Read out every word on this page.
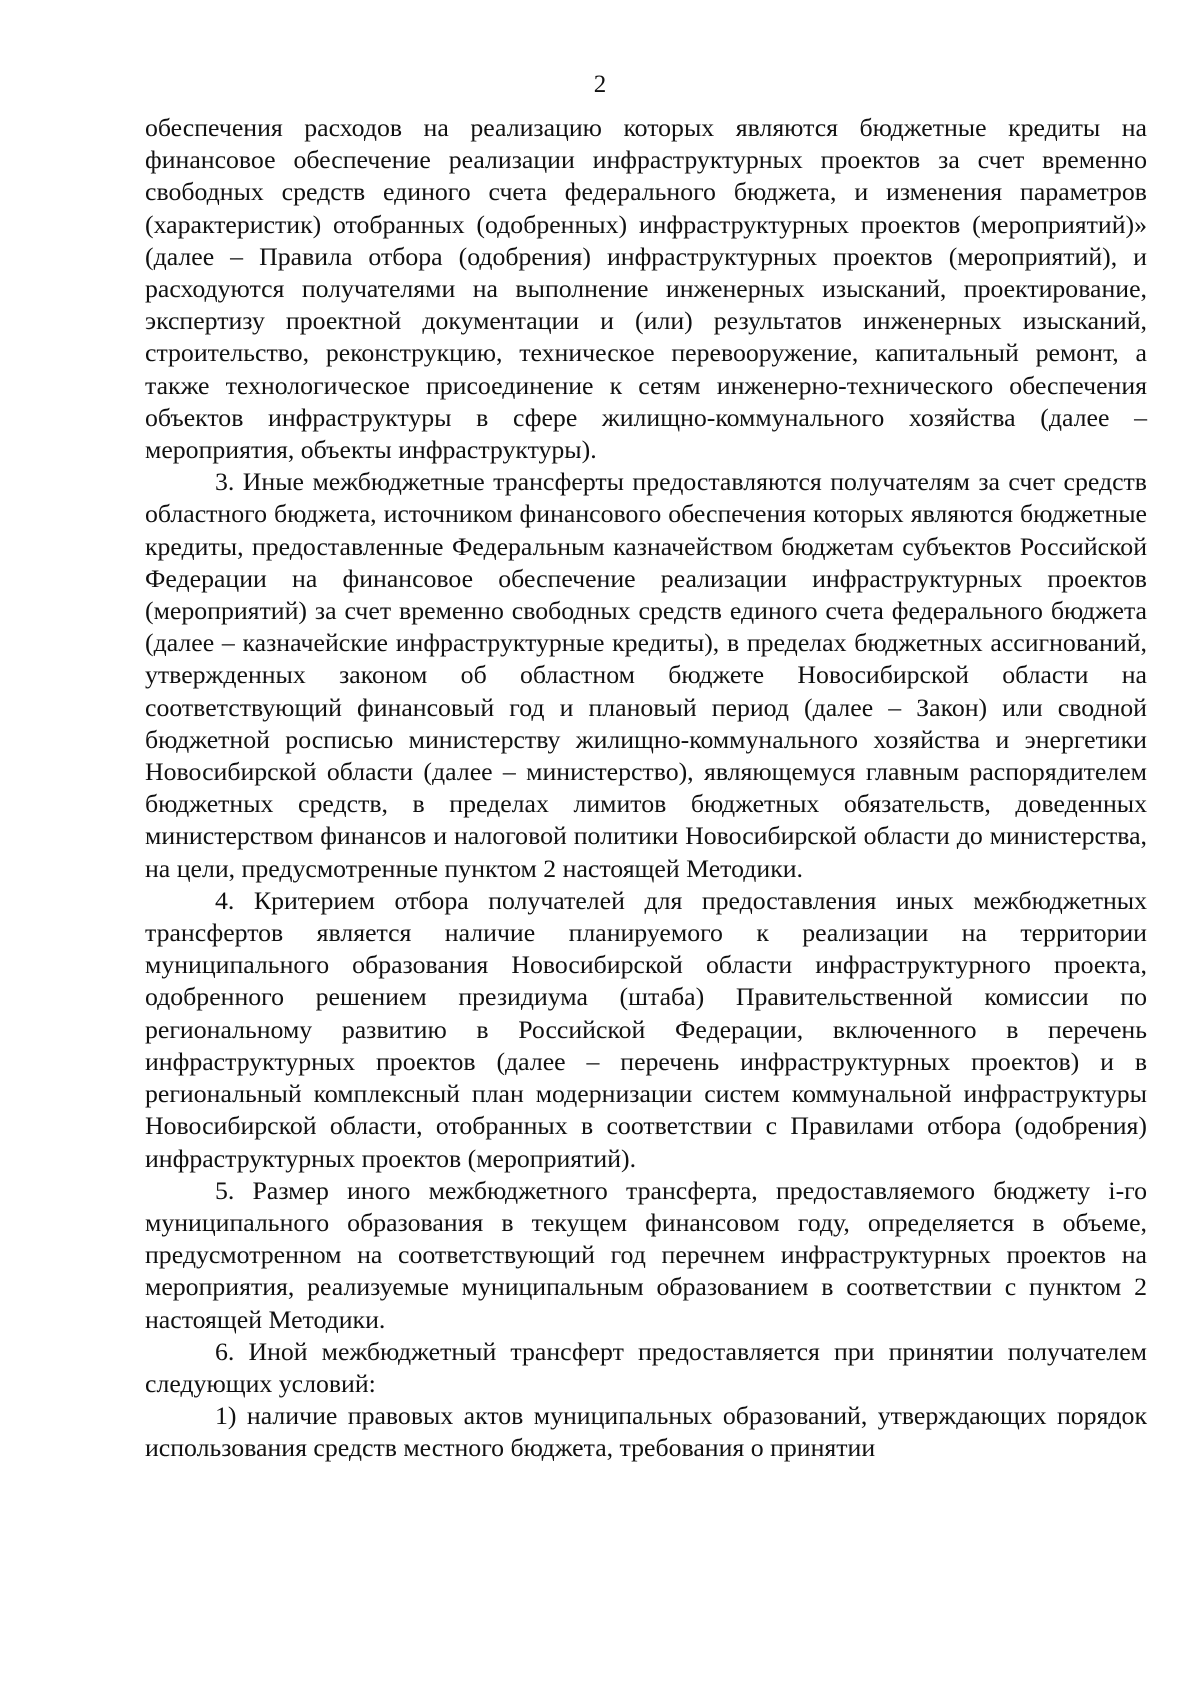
2

обеспечения расходов на реализацию которых являются бюджетные кредиты на финансовое обеспечение реализации инфраструктурных проектов за счет временно свободных средств единого счета федерального бюджета, и изменения параметров (характеристик) отобранных (одобренных) инфраструктурных проектов (мероприятий)» (далее – Правила отбора (одобрения) инфраструктурных проектов (мероприятий), и расходуются получателями на выполнение инженерных изысканий, проектирование, экспертизу проектной документации и (или) результатов инженерных изысканий, строительство, реконструкцию, техническое перевооружение, капитальный ремонт, а также технологическое присоединение к сетям инженерно-технического обеспечения объектов инфраструктуры в сфере жилищно-коммунального хозяйства (далее – мероприятия, объекты инфраструктуры).

3. Иные межбюджетные трансферты предоставляются получателям за счет средств областного бюджета, источником финансового обеспечения которых являются бюджетные кредиты, предоставленные Федеральным казначейством бюджетам субъектов Российской Федерации на финансовое обеспечение реализации инфраструктурных проектов (мероприятий) за счет временно свободных средств единого счета федерального бюджета (далее – казначейские инфраструктурные кредиты), в пределах бюджетных ассигнований, утвержденных законом об областном бюджете Новосибирской области на соответствующий финансовый год и плановый период (далее – Закон) или сводной бюджетной росписью министерству жилищно-коммунального хозяйства и энергетики Новосибирской области (далее – министерство), являющемуся главным распорядителем бюджетных средств, в пределах лимитов бюджетных обязательств, доведенных министерством финансов и налоговой политики Новосибирской области до министерства, на цели, предусмотренные пунктом 2 настоящей Методики.

4. Критерием отбора получателей для предоставления иных межбюджетных трансфертов является наличие планируемого к реализации на территории муниципального образования Новосибирской области инфраструктурного проекта, одобренного решением президиума (штаба) Правительственной комиссии по региональному развитию в Российской Федерации, включенного в перечень инфраструктурных проектов (далее – перечень инфраструктурных проектов) и в региональный комплексный план модернизации систем коммунальной инфраструктуры Новосибирской области, отобранных в соответствии с Правилами отбора (одобрения) инфраструктурных проектов (мероприятий).

5. Размер иного межбюджетного трансферта, предоставляемого бюджету i-го муниципального образования в текущем финансовом году, определяется в объеме, предусмотренном на соответствующий год перечнем инфраструктурных проектов на мероприятия, реализуемые муниципальным образованием в соответствии с пунктом 2 настоящей Методики.

6. Иной межбюджетный трансферт предоставляется при принятии получателем следующих условий:

1) наличие правовых актов муниципальных образований, утверждающих порядок использования средств местного бюджета, требования о принятии
